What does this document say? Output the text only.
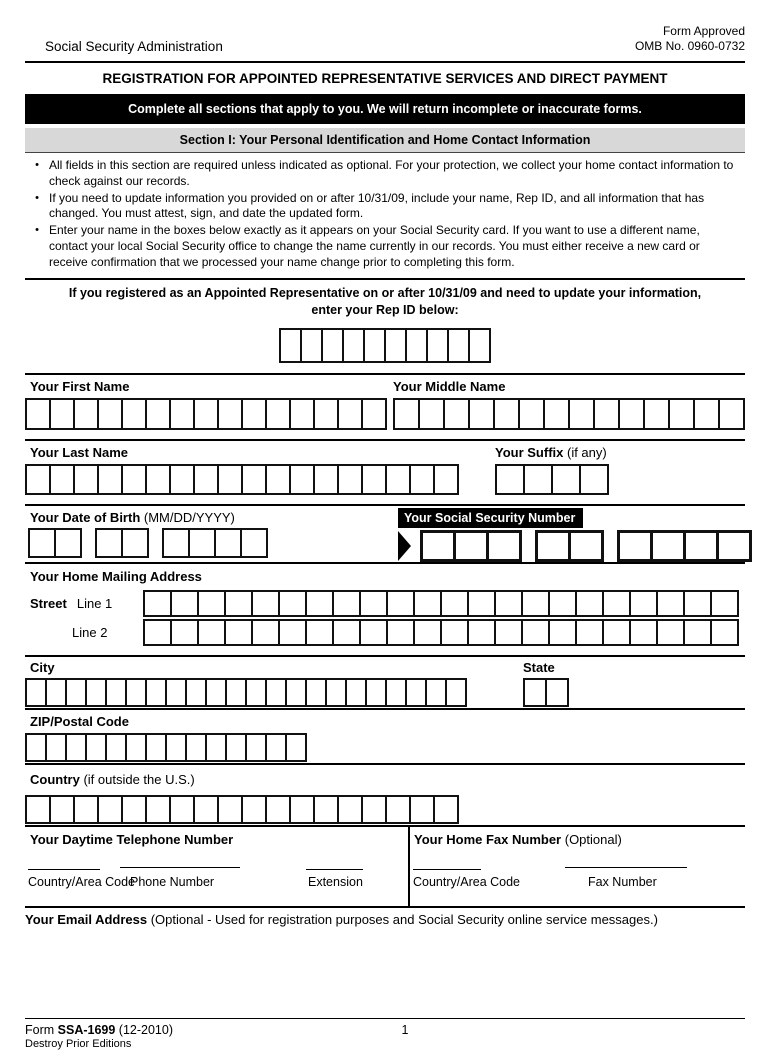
Social Security Administration
Form Approved
OMB No. 0960-0732
REGISTRATION FOR APPOINTED REPRESENTATIVE SERVICES AND DIRECT PAYMENT
Complete all sections that apply to you. We will return incomplete or inaccurate forms.
Section I: Your Personal Identification and Home Contact Information
• All fields in this section are required unless indicated as optional. For your protection, we collect your home contact information to check against our records.
• If you need to update information you provided on or after 10/31/09, include your name, Rep ID, and all information that has changed. You must attest, sign, and date the updated form.
• Enter your name in the boxes below exactly as it appears on your Social Security card. If you want to use a different name, contact your local Social Security office to change the name currently in our records. You must either receive a new card or receive confirmation that we processed your name change prior to completing this form.
If you registered as an Appointed Representative on or after 10/31/09 and need to update your information,
enter your Rep ID below:
Your First Name	Your Middle Name
Your Last Name	Your Suffix (if any)
Your Date of Birth (MM/DD/YYYY)	Your Social Security Number
Your Home Mailing Address
Street Line 1
Line 2
City	State
ZIP/Postal Code
Country (if outside the U.S.)
Your Daytime Telephone Number
Country/Area Code
Phone Number	Extension
Your Home Fax Number (Optional)
Country/Area Code	Fax Number
Your Email Address (Optional - Used for registration purposes and Social Security online service messages.)
Form SSA-1699 (12-2010)	1
Destroy Prior Editions
